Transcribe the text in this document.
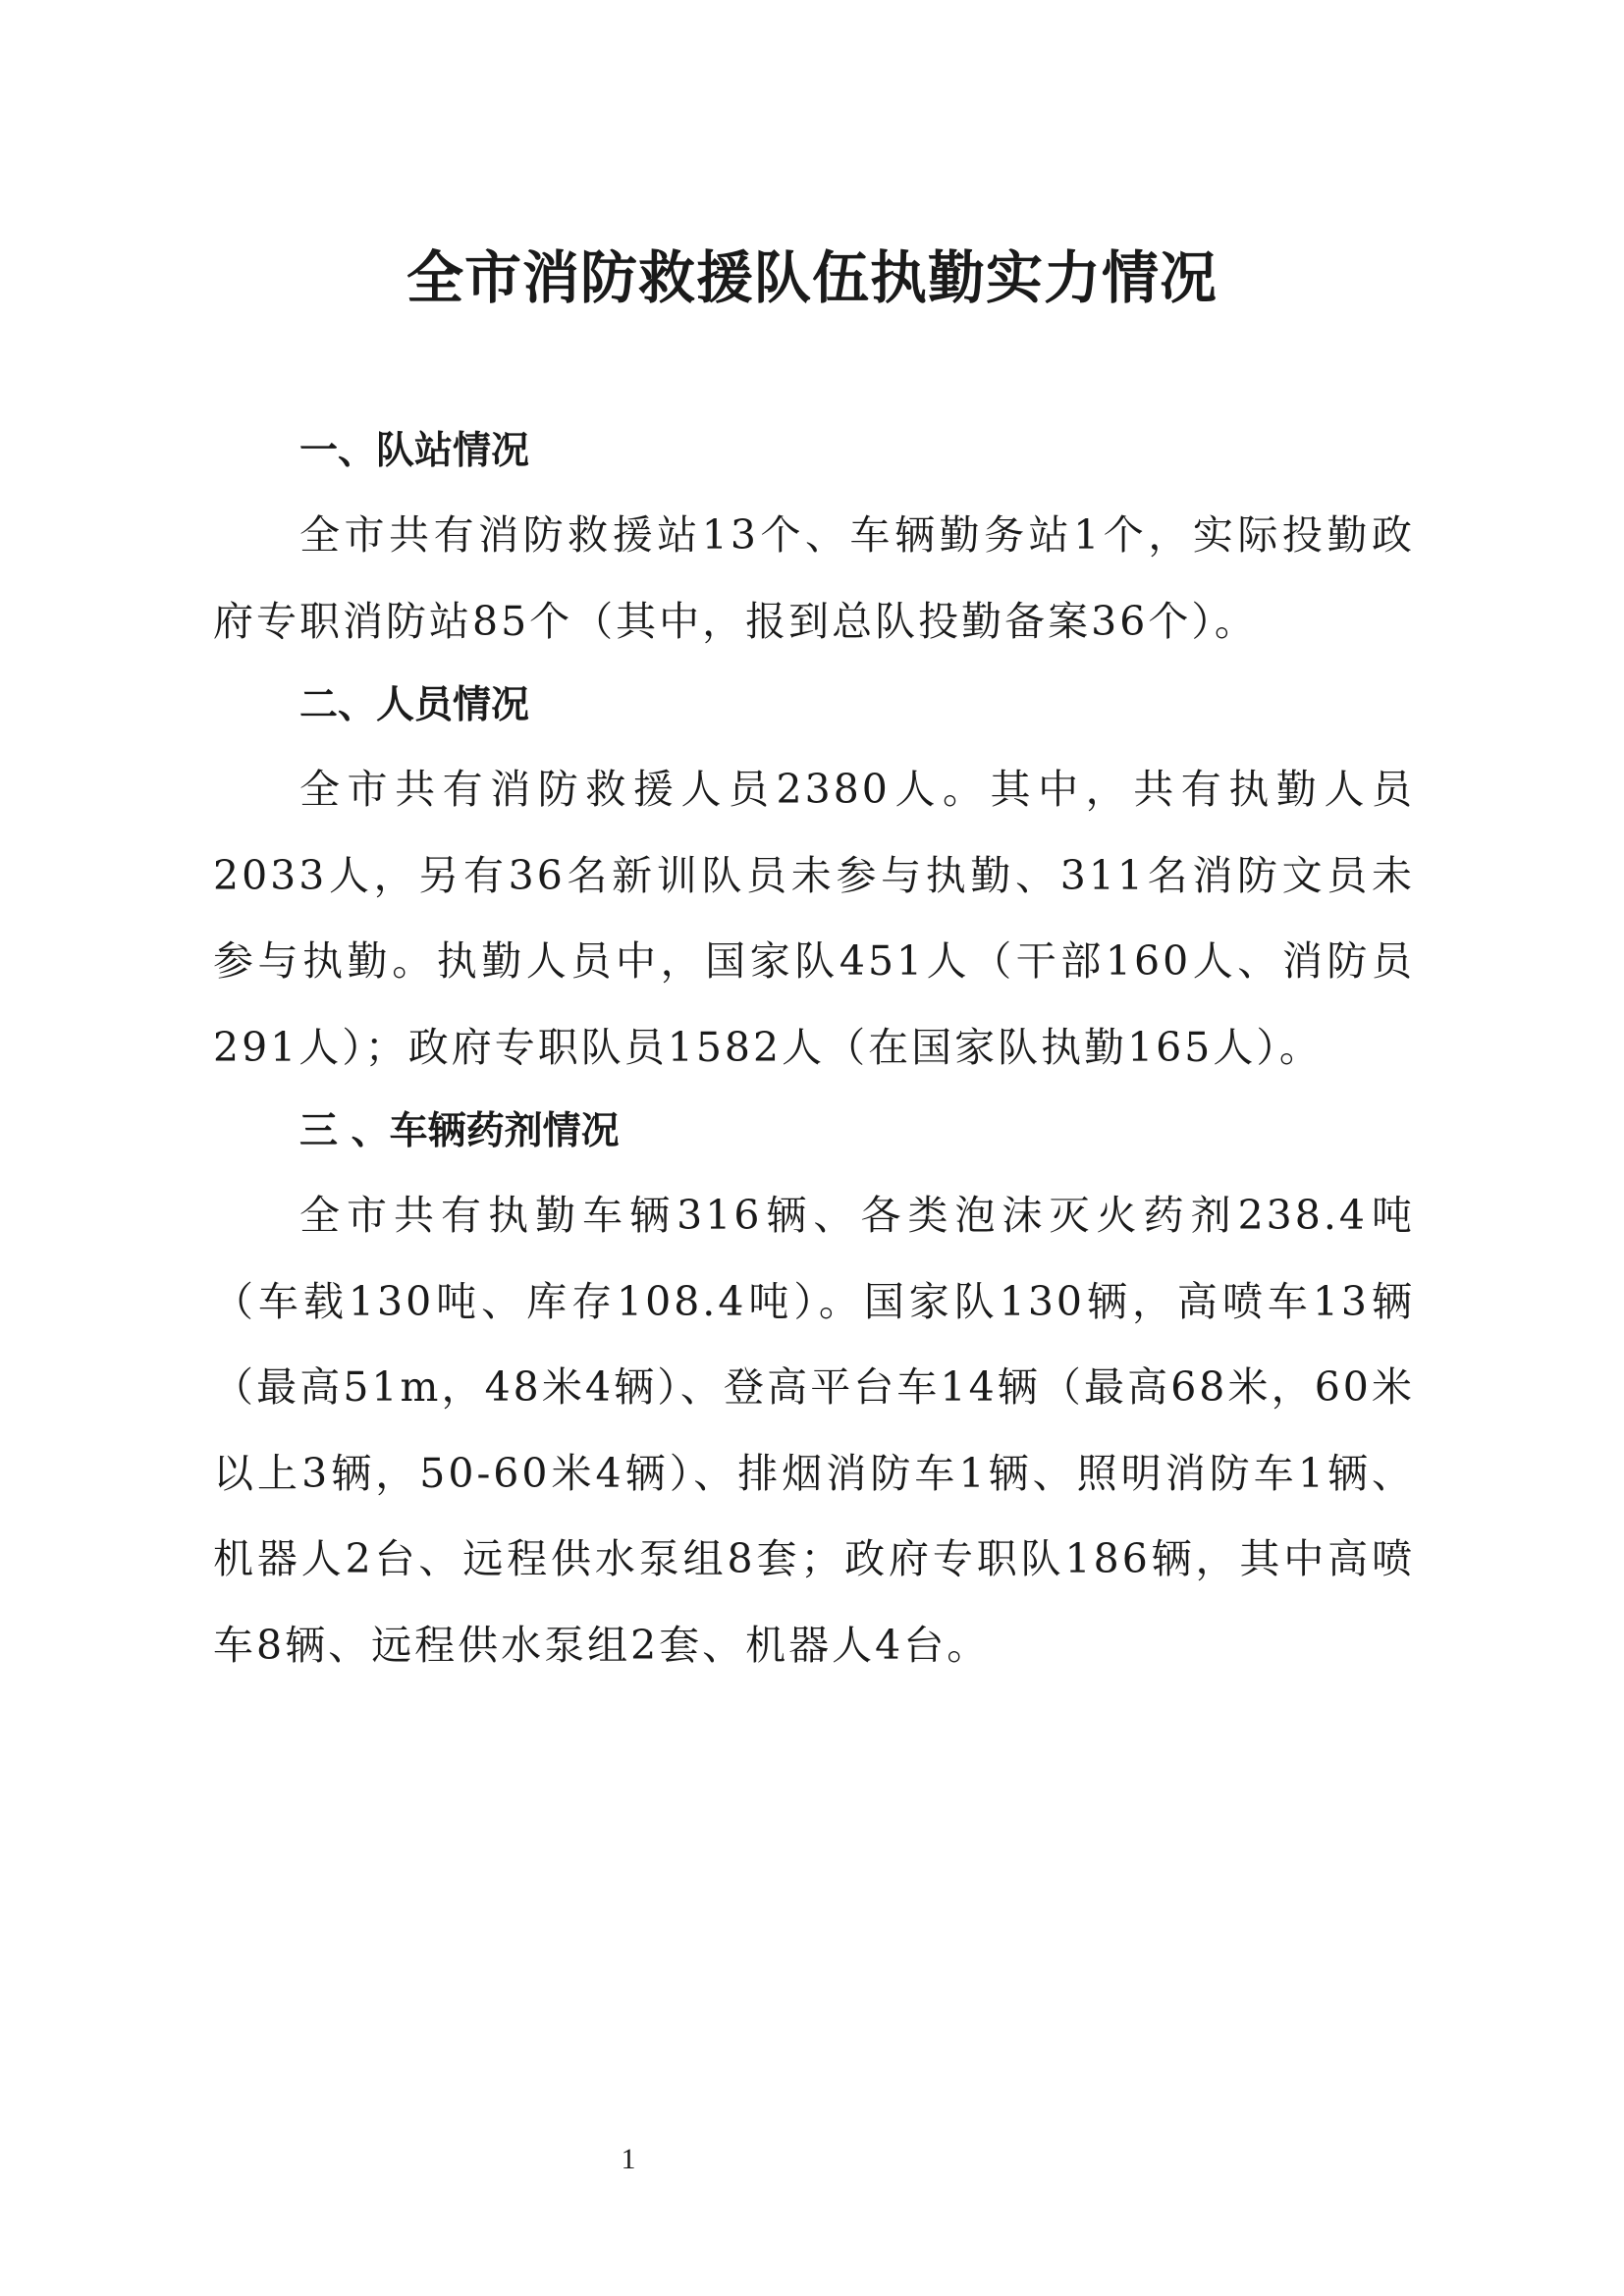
全市消防救援队伍执勤实力情况
一、队站情况

全市共有消防救援站13个、车辆勤务站1个，实际投勤政府专职消防站85个（其中，报到总队投勤备案36个）。

二、人员情况

全市共有消防救援人员2380人。其中，共有执勤人员2033人，另有36名新训队员未参与执勤、311名消防文员未参与执勤。执勤人员中，国家队451人（干部160人、消防员291人）；政府专职队员1582人（在国家队执勤165人）。

三 、车辆药剂情况

全市共有执勤车辆316辆、各类泡沫灭火药剂238.4吨（车载130吨、库存108.4吨）。国家队130辆，高喷车13辆（最高51m，48米4辆）、登高平台车14辆（最高68米，60米以上3辆，50-60米4辆）、排烟消防车1辆、照明消防车1辆、机器人2台、远程供水泵组8套；政府专职队186辆，其中高喷车8辆、远程供水泵组2套、机器人4台。

1
